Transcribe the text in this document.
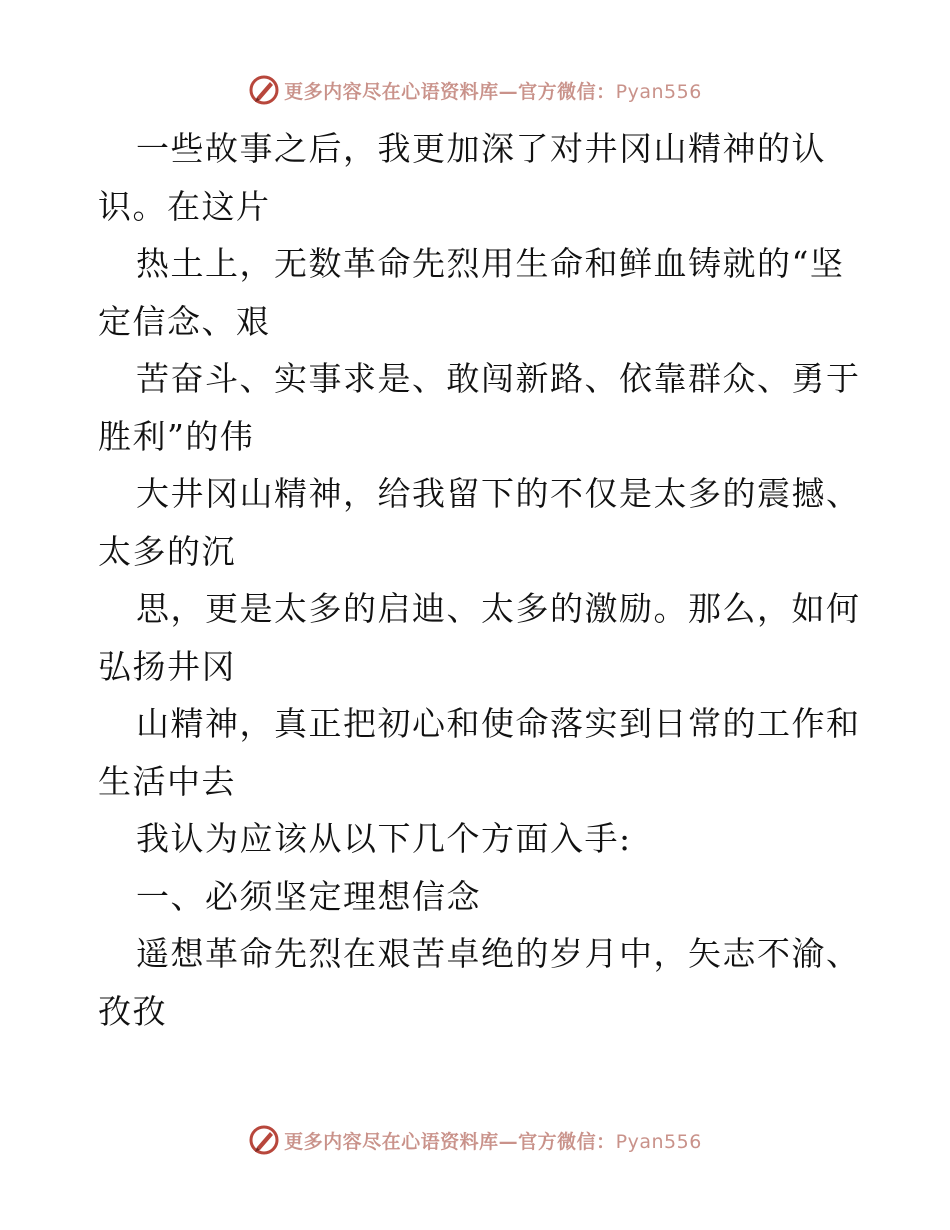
更多内容尽在心语资料库—官方微信：Pyan556
一些故事之后，我更加深了对井冈山精神的认
识。在这片
热土上，无数革命先烈用生命和鲜血铸就的“坚
定信念、艰
苦奋斗、实事求是、敢闯新路、依靠群众、勇于
胜利”的伟
大井冈山精神，给我留下的不仅是太多的震撼、
太多的沉
思，更是太多的启迪、太多的激励。那么，如何
弘扬井冈
山精神，真正把初心和使命落实到日常的工作和
生活中去
我认为应该从以下几个方面入手:
一、必须坚定理想信念
遥想革命先烈在艰苦卓绝的岁月中，矢志不渝、
孜孜
更多内容尽在心语资料库—官方微信：Pyan556
